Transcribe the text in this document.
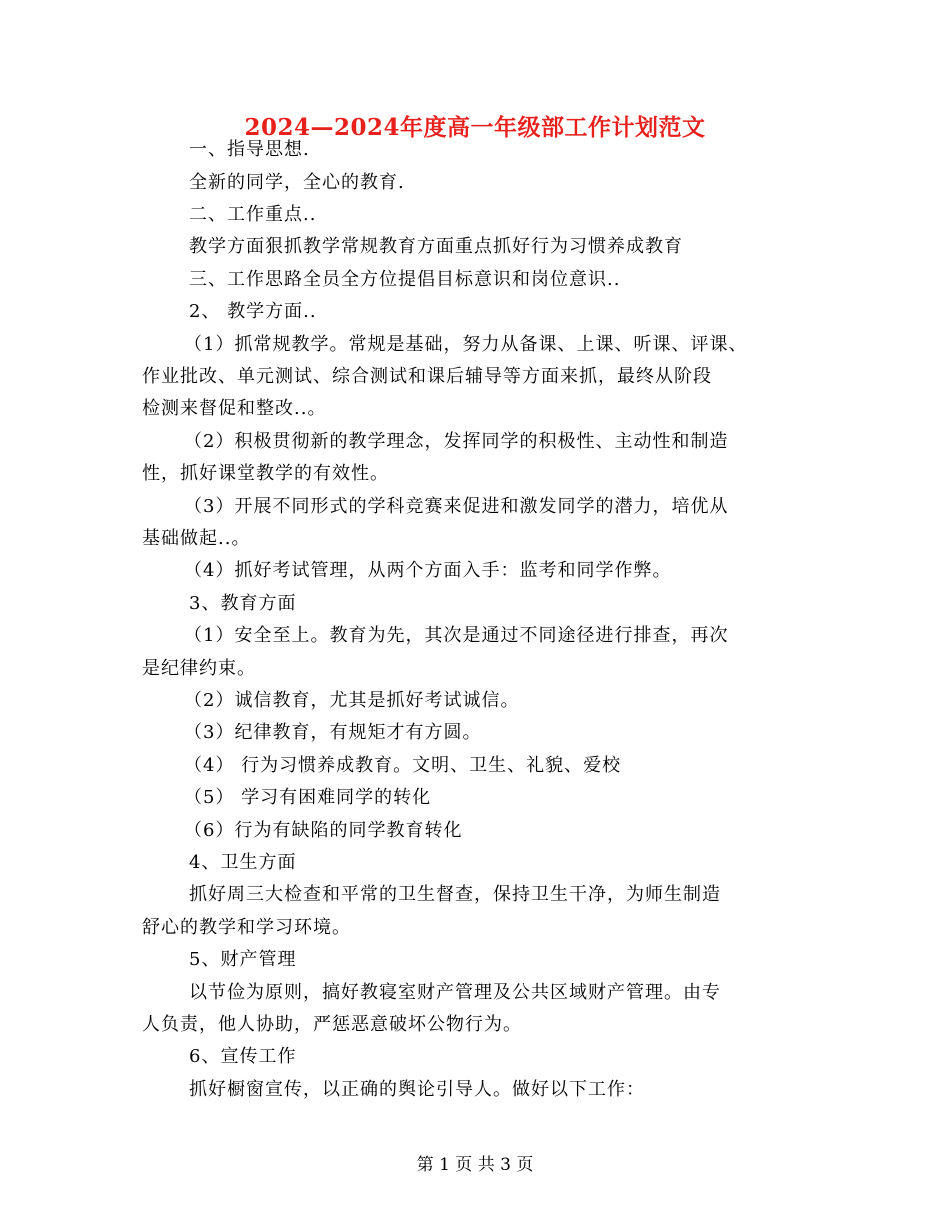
2024—2024年度高一年级部工作计划范文
一、指导思想.
全新的同学，全心的教育.
二、工作重点..
教学方面狠抓教学常规教育方面重点抓好行为习惯养成教育
三、工作思路全员全方位提倡目标意识和岗位意识..
2、 教学方面..
（1）抓常规教学。常规是基础，努力从备课、上课、听课、评课、
作业批改、单元测试、综合测试和课后辅导等方面来抓，最终从阶段
检测来督促和整改..。
（2）积极贯彻新的教学理念，发挥同学的积极性、主动性和制造
性，抓好课堂教学的有效性。
（3）开展不同形式的学科竞赛来促进和激发同学的潜力，培优从
基础做起..。
（4）抓好考试管理，从两个方面入手：监考和同学作弊。
3、教育方面
（1）安全至上。教育为先，其次是通过不同途径进行排查，再次
是纪律约束。
（2）诚信教育，尤其是抓好考试诚信。
（3）纪律教育，有规矩才有方圆。
（4） 行为习惯养成教育。文明、卫生、礼貌、爱校
（5） 学习有困难同学的转化
（6）行为有缺陷的同学教育转化
4、卫生方面
抓好周三大检查和平常的卫生督查，保持卫生干净，为师生制造
舒心的教学和学习环境。
5、财产管理
以节俭为原则，搞好教寝室财产管理及公共区域财产管理。由专
人负责，他人协助，严惩恶意破坏公物行为。
6、宣传工作
抓好橱窗宣传，以正确的舆论引导人。做好以下工作：
第 1 页 共 3 页
